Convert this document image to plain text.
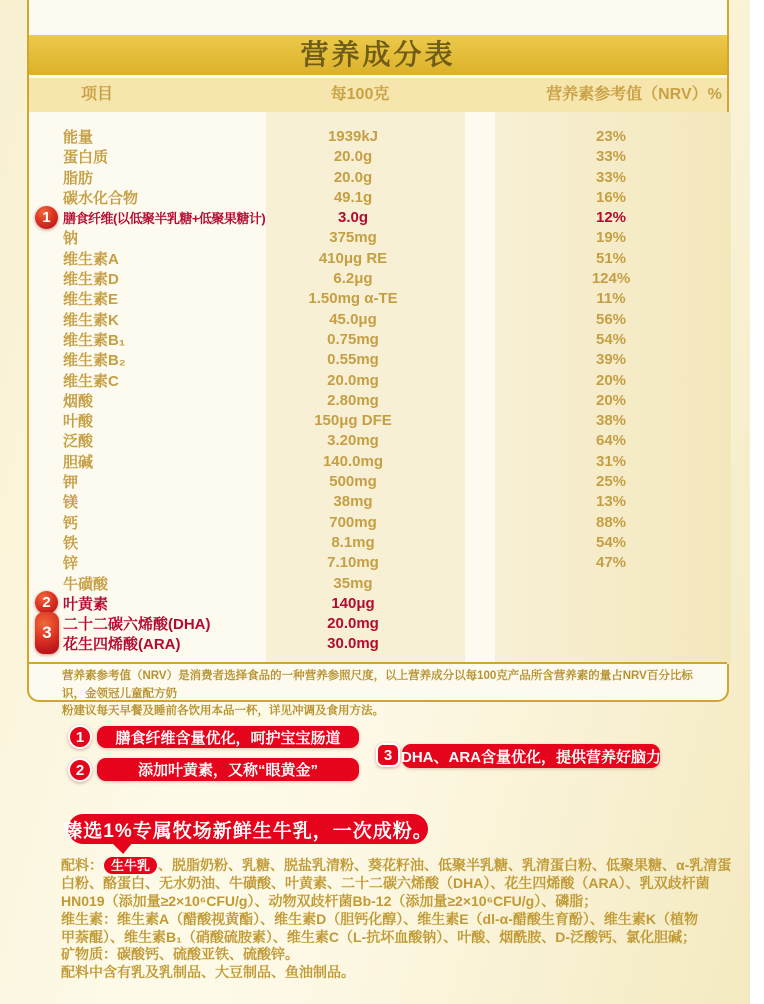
营养成分表
项目	每100克	营养素参考值（NRV）%
能量	1939kJ	23%
蛋白质	20.0g	33%
脂肪	20.0g	33%
碳水化合物	49.1g	16%
膳食纤维(以低聚半乳糖+低聚果糖计)	3.0g	12%
钠	375mg	19%
维生素A	410μg RE	51%
维生素D	6.2μg	124%
维生素E	1.50mg α-TE	11%
维生素K	45.0μg	56%
维生素B₁	0.75mg	54%
维生素B₂	0.55mg	39%
维生素C	20.0mg	20%
烟酸	2.80mg	20%
叶酸	150μg DFE	38%
泛酸	3.20mg	64%
胆碱	140.0mg	31%
钾	500mg	25%
镁	38mg	13%
钙	700mg	88%
铁	8.1mg	54%
锌	7.10mg	47%
牛磺酸	35mg
叶黄素	140μg
二十二碳六烯酸(DHA)	20.0mg
花生四烯酸(ARA)	30.0mg
1
2
3
营养素参考值（NRV）是消费者选择食品的一种营养参照尺度，以上营养成分以每100克产品所含营养素的量占NRV百分比标识，金领冠儿童配方奶
粉建议每天早餐及睡前各饮用本品一杯，详见冲调及食用方法。
1	膳食纤维含量优化，呵护宝宝肠道
2	添加叶黄素，又称“眼黄金”
3 DHA、ARA含量优化，提供营养好脑力
臻选1%专属牧场新鲜生牛乳，一次成粉。
配料： 生牛乳 、脱脂奶粉、乳糖、脱盐乳清粉、葵花籽油、低聚半乳糖、乳清蛋白粉、低聚果糖、α-乳清蛋
白粉、酪蛋白、无水奶油、牛磺酸、叶黄素、二十二碳六烯酸（DHA）、花生四烯酸（ARA）、乳双歧杆菌
HN019（添加量≥2×10⁶CFU/g）、动物双歧杆菌Bb-12（添加量≥2×10⁶CFU/g）、磷脂；
维生素：维生素A（醋酸视黄酯）、维生素D（胆钙化醇）、维生素E（dl-α-醋酸生育酚）、维生素K（植物
甲萘醌）、维生素B₁（硝酸硫胺素）、维生素C（L-抗坏血酸钠）、叶酸、烟酰胺、D-泛酸钙、氯化胆碱；
矿物质：碳酸钙、硫酸亚铁、硫酸锌。
配料中含有乳及乳制品、大豆制品、鱼油制品。
